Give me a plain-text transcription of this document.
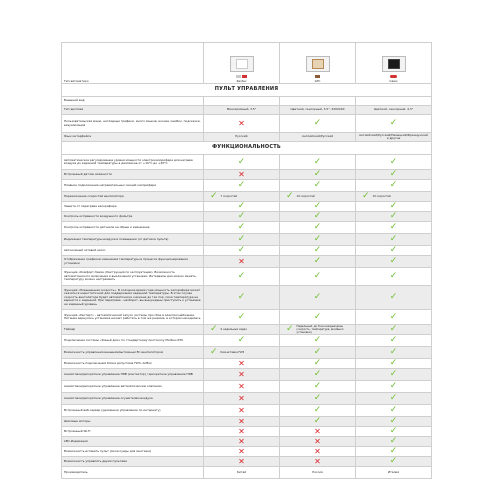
Тип автоматики	Zentec	GTC	Caleo

ПУЛЬТ УПРАВЛЕНИЯ			
Внешний вид	

Тип дисплея	Монохромный, 3.5"	Цветной, сенсорный, 3.5", 320X240	Цветной, сенсорный, 4.3"

Пользовательская меню, наглядные графики, много языков, иконки ошибок, подсказки, визуализация	✕	✓	✓

Язык интерфейса	Русский	Английский/Русский	Английский/Русский/Немецкий/Французский и другие

ФУНКЦИОНАЛЬНОСТЬ			
Автоматическое регулирование уровня мощности электрокалорифера для нагрева воздуха до заданной температуры в диапазоне от +10°С до +30°С	✓	✓	✓

Встроенный датчик влажности	✕	✓	✓

Плавное подключение нагревательных секций калорифера	✓	✓	✓

Переключение скоростей вентилятора	✓ 7 скоростей	✓ 10 скоростей	✓ 10 скоростей

Защита от перегрева калорифера	✓	✓	✓

Контроль исправности воздушного фильтра	✓	✓	✓

Контроль исправности датчиков на обрыв и замыкание	✓	✓	✓

Индикация температуры воздуха в помещении (от датчика пульта)	✓	✓	✓

Автономный сетевой насос	✓	✓	✓

Отображение графиков изменения температуры в процессе функционирования установки	✕	✓	✓

Функция «Комфорт-Зима» (Инструкция по эксплуатации). Возможность автоматического включения и выключения установки. Интервалы дня можно менять, температуру можно настраивать	✓	✓	✓

Функция «Повышенная скорость». В холодное время года мощность калорифера может оказаться недостаточной для поддержания заданной температуры. В этом случае скорость вентилятора будет автоматически снижена до тех пор, пока температура не вернется к заданной. При перегреве - наоборот, вы вынуждены приступить к установке на заданный уровень	✓	✓	✓

Функция «Рестарт» - автоматический запуск системы при сбое в электроснабжении. Питание вернулось установка начнет работать в том же режиме, в котором находилась	✓	✓	✓

Таймер	✓ 9 недельных задач	✓ Недельный, до 8 на каждый день (скорость, температура, вкл/выкл установки)	✓

Подключение системы «Умный дом» по стандартному протоколу Modbus RTU	✓	✓	✓

Возможность управления внешним/вытяжным ЕС вентилятором	✓ Ким-вставка FW3	✓	✓

Возможность подключения блока допустима FW3, AirBox	✕	✓	✓

Аналоговое/дискретное управление НЯВ (контактор) / дискретное управление НЯВ	✕	✓	✓

Аналоговое/дискретное управление автоматическим клапаном	✕	✓	✓

Аналоговое/дискретное управление осушителем воздуха	✕	✓	✓

Встроенный веб-сервер (удаленное управление по интернету)	✕	✓	✓

Шаговые моторы	✕	✓	✓

Встроенный Wi-Fi	✕	✕	✓

LED-Индикация	✕	✕	✓

Возможность вставить пульт (Аксессуары для монтажа)	✕	✕	✓

Возможность управлять двумя пультами	✕	✕	✓

Производитель	Китай	Россия	Италия
